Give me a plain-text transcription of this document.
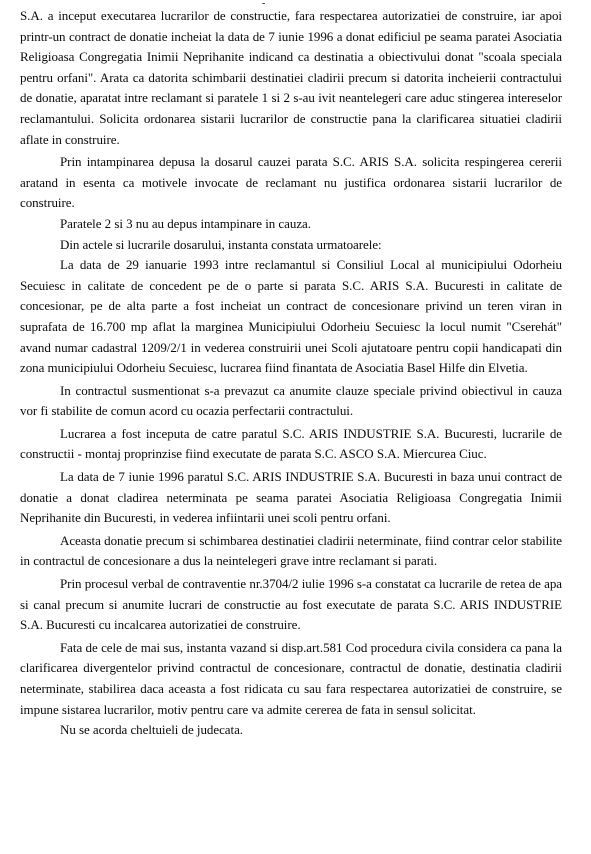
-

S.A. a inceput executarea lucrarilor de constructie, fara respectarea autorizatiei de construire, iar apoi printr-un contract de donatie incheiat la data de 7 iunie 1996 a donat edificiul pe seama paratei Asociatia Religioasa Congregatia Inimii Neprihanite indicand ca destinatia a obiectivului donat "scoala speciala pentru orfani". Arata ca datorita schimbarii destinatiei cladirii precum si datorita incheierii contractului de donatie, aparatat intre reclamant si paratele 1 si 2 s-au ivit neantelegeri care aduc stingerea intereselor reclamantului. Solicita ordonarea sistarii lucrarilor de constructie pana la clarificarea situatiei cladirii aflate in construire.

Prin intampinarea depusa la dosarul cauzei parata S.C. ARIS S.A. solicita respingerea cererii aratand in esenta ca motivele invocate de reclamant nu justifica ordonarea sistarii lucrarilor de construire.

Paratele 2 si 3 nu au depus intampinare in cauza.

Din actele si lucrarile dosarului, instanta constata urmatoarele:

La data de 29 ianuarie 1993 intre reclamantul si Consiliul Local al municipiului Odorheiu Secuiesc in calitate de concedent pe de o parte si parata S.C. ARIS S.A. Bucuresti in calitate de concesionar, pe de alta parte a fost incheiat un contract de concesionare privind un teren viran in suprafata de 16.700 mp aflat la marginea Municipiului Odorheiu Secuiesc la locul numit "Cserehát" avand numar cadastral 1209/2/1 in vederea construirii unei Scoli ajutatoare pentru copii handicapati din zona municipiului Odorheiu Secuiesc, lucrarea fiind finantata de Asociatia Basel Hilfe din Elvetia.

In contractul susmentionat s-a prevazut ca anumite clauze speciale privind obiectivul in cauza vor fi stabilite de comun acord cu ocazia perfectarii contractului.

Lucrarea a fost inceputa de catre paratul S.C. ARIS INDUSTRIE S.A. Bucuresti, lucrarile de constructii - montaj proprinzise fiind executate de parata S.C. ASCO S.A. Miercurea Ciuc.

La data de 7 iunie 1996 paratul S.C. ARIS INDUSTRIE S.A. Bucuresti in baza unui contract de donatie a donat cladirea neterminata pe seama paratei Asociatia Religioasa Congregatia Inimii Neprihanite din Bucuresti, in vederea infiintarii unei scoli pentru orfani.

Aceasta donatie precum si schimbarea destinatiei cladirii neterminate, fiind contrar celor stabilite in contractul de concesionare a dus la neintelegeri grave intre reclamant si parati.

Prin procesul verbal de contraventie nr.3704/2 iulie 1996 s-a constatat ca lucrarile de retea de apa si canal precum si anumite lucrari de constructie au fost executate de parata S.C. ARIS INDUSTRIE S.A. Bucuresti cu incalcarea autorizatiei de construire.

Fata de cele de mai sus, instanta vazand si disp.art.581 Cod procedura civila considera ca pana la clarificarea divergentelor privind contractul de concesionare, contractul de donatie, destinatia cladirii neterminate, stabilirea daca aceasta a fost ridicata cu sau fara respectarea autorizatiei de construire, se impune sistarea lucrarilor, motiv pentru care va admite cererea de fata in sensul solicitat.

Nu se acorda cheltuieli de judecata.
